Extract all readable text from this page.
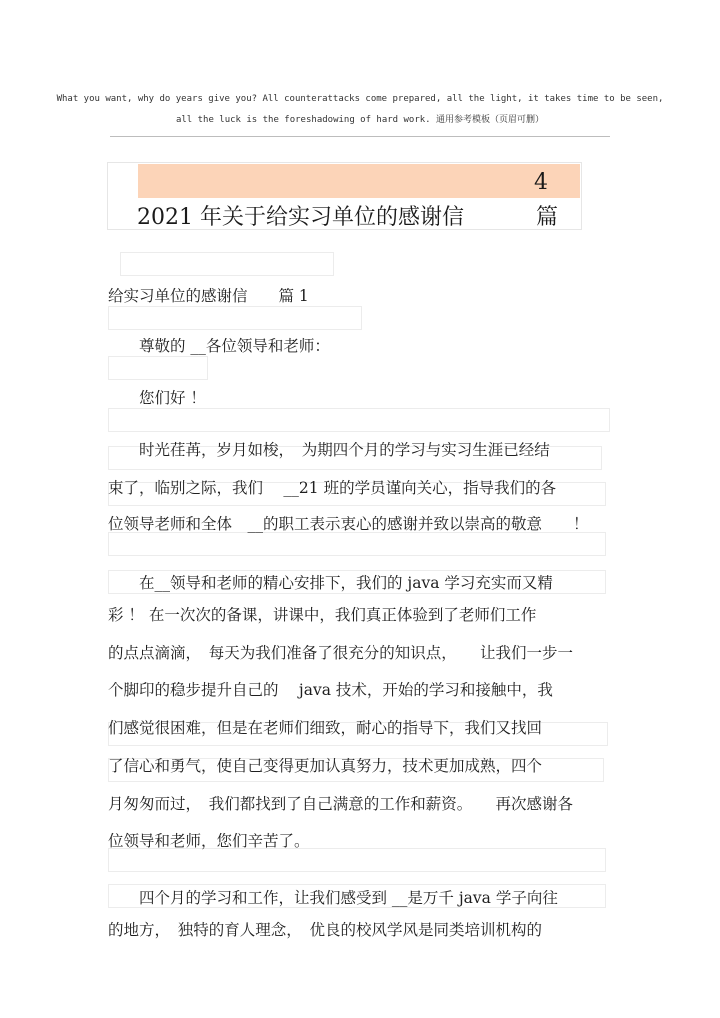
What you want, why do years give you? All counterattacks come prepared, all the light, it takes time to be seen,
all the luck is the foreshadowing of hard work. 通用参考模板（页眉可删）
4
2021 年关于给实习单位的感谢信	篇
给实习单位的感谢信　　篇 1
　　尊敬的 __各位领导和老师：
　　您们好 ！
　　时光荏苒，岁月如梭，　为期四个月的学习与实习生涯已经结
束了，临别之际，我们　 __21 班的学员谨向关心，指导我们的各
位领导老师和全体　__的职工表示衷心的感谢并致以崇高的敬意　　！
　　在__领导和老师的精心安排下，我们的 java 学习充实而又精
彩 ！ 在一次次的备课，讲课中，我们真正体验到了老师们工作
的点点滴滴，　每天为我们准备了很充分的知识点，　　让我们一步一
个脚印的稳步提升自己的　 java 技术，开始的学习和接触中，我
们感觉很困难，但是在老师们细致，耐心的指导下，我们又找回
了信心和勇气，使自己变得更加认真努力，技术更加成熟，四个
月匆匆而过，　我们都找到了自己满意的工作和薪资。　　再次感谢各
位领导和老师，您们辛苦了。
　　四个月的学习和工作，让我们感受到 __是万千 java 学子向往
的地方，　独特的育人理念，　优良的校风学风是同类培训机构的
